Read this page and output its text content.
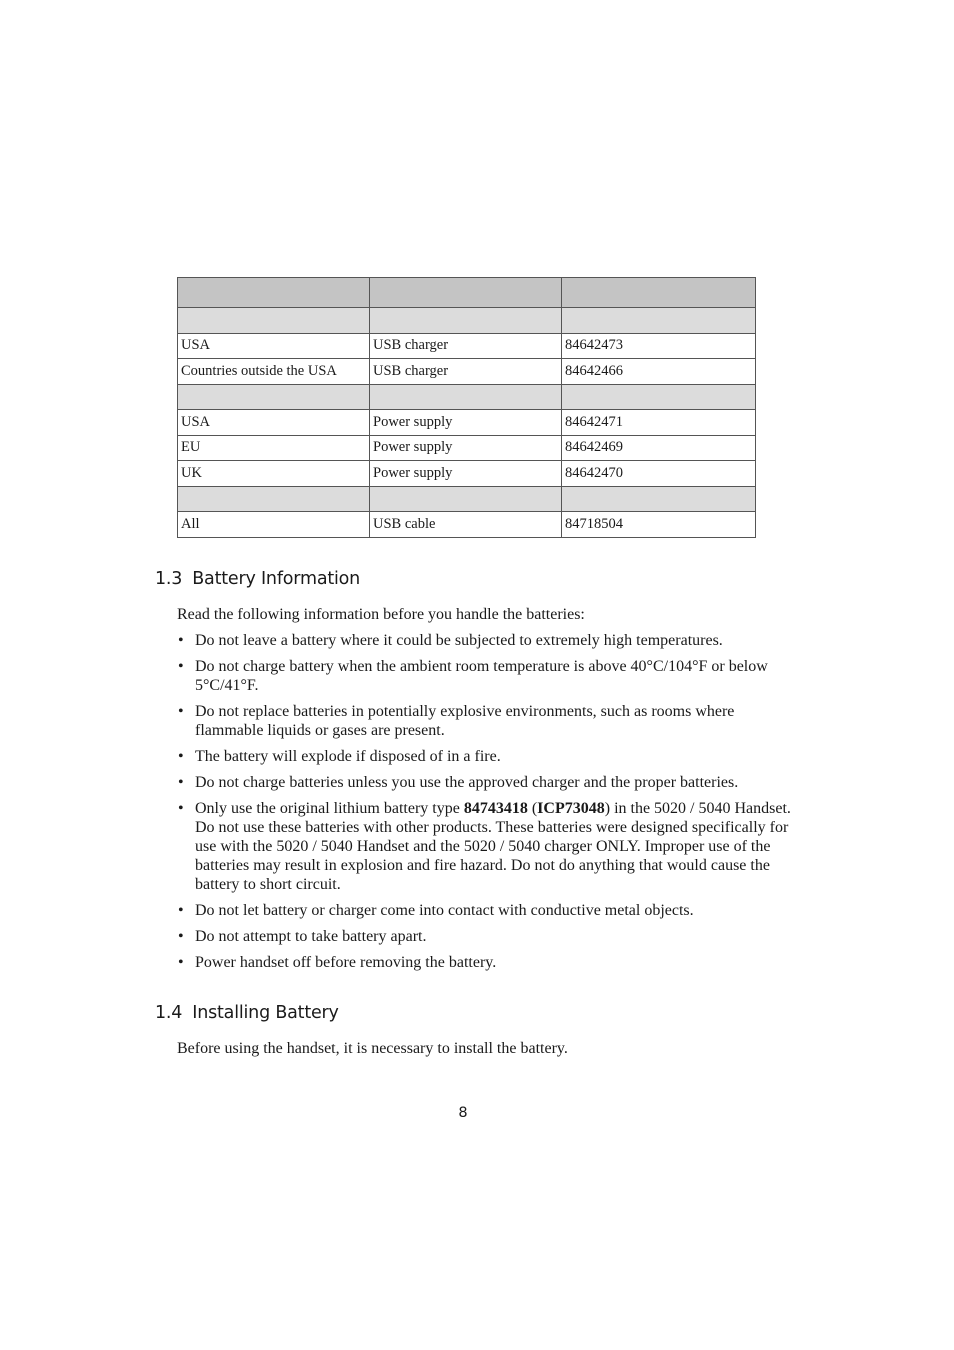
USA	USB charger	84642473
Countries outside the USA	USB charger	84642466

USA	Power supply	84642471
EU	Power supply	84642469
UK	Power supply	84642470

All	USB cable	84718504
1.3 Battery Information

Read the following information before you handle the batteries:

• Do not leave a battery where it could be subjected to extremely high temperatures.
• Do not charge battery when the ambient room temperature is above 40°C/104°F or below 5°C/41°F.
• Do not replace batteries in potentially explosive environments, such as rooms where flammable liquids or gases are present.
• The battery will explode if disposed of in a fire.
• Do not charge batteries unless you use the approved charger and the proper batteries.
• Only use the original lithium battery type 84743418 (ICP73048) in the 5020 / 5040 Handset. Do not use these batteries with other products. These batteries were designed specifically for use with the 5020 / 5040 Handset and the 5020 / 5040 charger ONLY. Improper use of the batteries may result in explosion and fire hazard. Do not do anything that would cause the battery to short circuit.
• Do not let battery or charger come into contact with conductive metal objects.
• Do not attempt to take battery apart.
• Power handset off before removing the battery.
1.4 Installing Battery

Before using the handset, it is necessary to install the battery.

8
